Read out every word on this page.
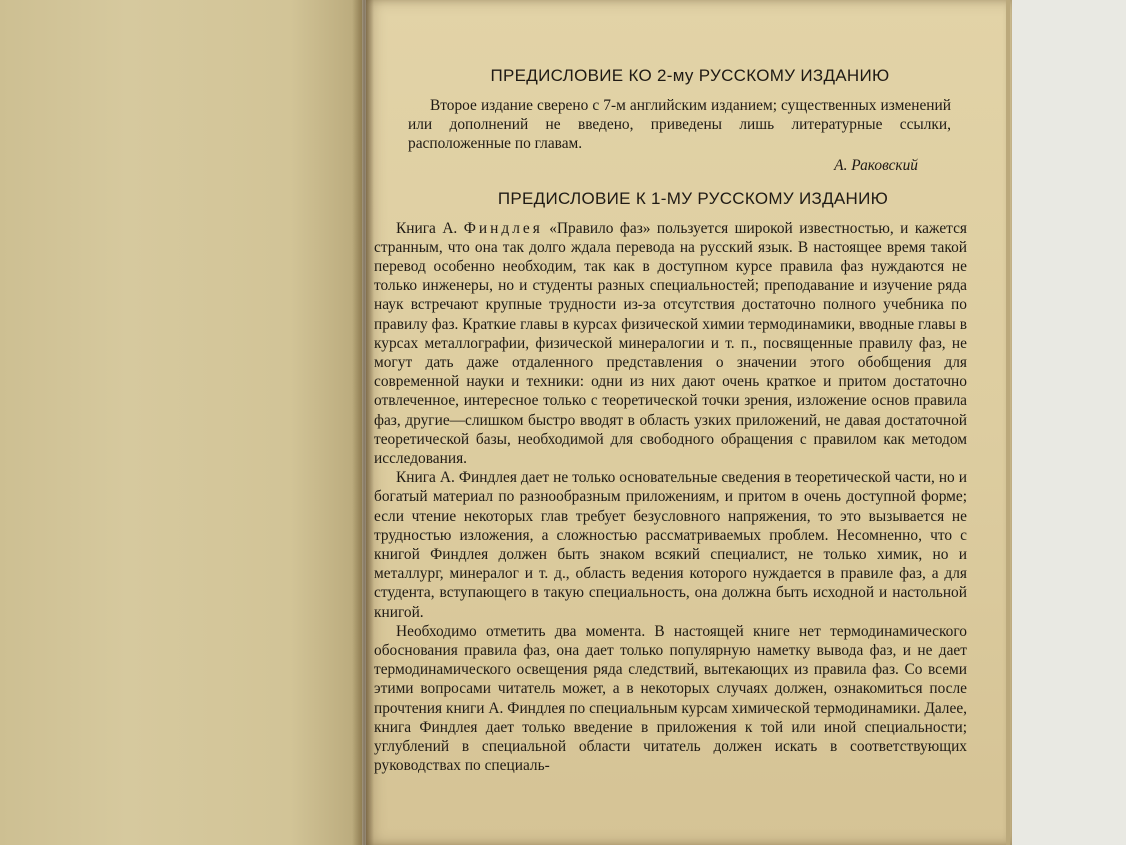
ПРЕДИСЛОВИЕ КО 2-му РУССКОМУ ИЗДАНИЮ

Второе издание сверено с 7-м английским изданием; существенных изменений или дополнений не введено, приведены лишь литературные ссылки, расположенные по главам.

А. Раковский

ПРЕДИСЛОВИЕ К 1-МУ РУССКОМУ ИЗДАНИЮ

Книга А. Финдлея «Правило фаз» пользуется широкой известностью, и кажется странным, что она так долго ждала перевода на русский язык. В настоящее время такой перевод особенно необходим, так как в доступном курсе правила фаз нуждаются не только инженеры, но и студенты разных специальностей; преподавание и изучение ряда наук встречают крупные трудности из-за отсутствия достаточно полного учебника по правилу фаз. Краткие главы в курсах физической химии термодинамики, вводные главы в курсах металлографии, физической минералогии и т. п., посвященные правилу фаз, не могут дать даже отдаленного представления о значении этого обобщения для современной науки и техники: одни из них дают очень краткое и притом достаточно отвлеченное, интересное только с теоретической точки зрения, изложение основ правила фаз, другие—слишком быстро вводят в область узких приложений, не давая достаточной теоретической базы, необходимой для свободного обращения с правилом как методом исследования.

Книга А. Финдлея дает не только основательные сведения в теоретической части, но и богатый материал по разнообразным приложениям, и притом в очень доступной форме; если чтение некоторых глав требует безусловного напряжения, то это вызывается не трудностью изложения, а сложностью рассматриваемых проблем. Несомненно, что с книгой Финдлея должен быть знаком всякий специалист, не только химик, но и металлург, минералог и т. д., область ведения которого нуждается в правиле фаз, а для студента, вступающего в такую специальность, она должна быть исходной и настольной книгой.

Необходимо отметить два момента. В настоящей книге нет термодинамического обоснования правила фаз, она дает только популярную наметку вывода фаз, и не дает термодинамического освещения ряда следствий, вытекающих из правила фаз. Со всеми этими вопросами читатель может, а в некоторых случаях должен, ознакомиться после прочтения книги А. Финдлея по специальным курсам химической термодинамики. Далее, книга Финдлея дает только введение в приложения к той или иной специальности; углублений в специальной области читатель должен искать в соответствующих руководствах по специаль-
